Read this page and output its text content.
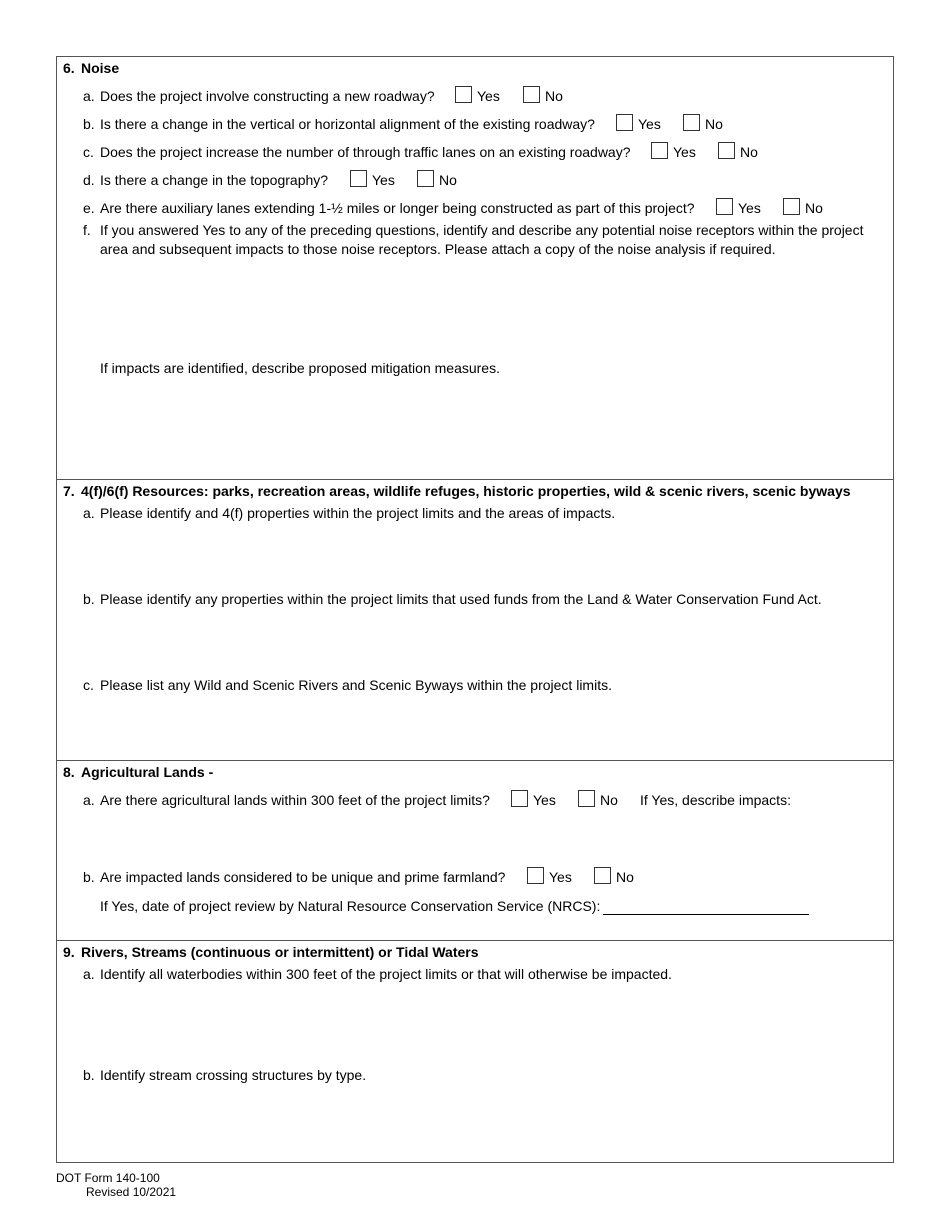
6. Noise
a. Does the project involve constructing a new roadway?	Yes	No
b. Is there a change in the vertical or horizontal alignment of the existing roadway?	Yes	No
c. Does the project increase the number of through traffic lanes on an existing roadway?	Yes	No
d. Is there a change in the topography?	Yes	No
e. Are there auxiliary lanes extending 1-½ miles or longer being constructed as part of this project?	Yes	No
f. If you answered Yes to any of the preceding questions, identify and describe any potential noise receptors within the project
area and subsequent impacts to those noise receptors. Please attach a copy of the noise analysis if required.
If impacts are identified, describe proposed mitigation measures.
7. 4(f)/6(f) Resources: parks, recreation areas, wildlife refuges, historic properties, wild & scenic rivers, scenic byways
a. Please identify and 4(f) properties within the project limits and the areas of impacts.
b. Please identify any properties within the project limits that used funds from the Land & Water Conservation Fund Act.
c. Please list any Wild and Scenic Rivers and Scenic Byways within the project limits.
8. Agricultural Lands -
a. Are there agricultural lands within 300 feet of the project limits?	Yes	No If Yes, describe impacts:
b. Are impacted lands considered to be unique and prime farmland?	Yes	No
If Yes, date of project review by Natural Resource Conservation Service (NRCS):
9. Rivers, Streams (continuous or intermittent) or Tidal Waters
a. Identify all waterbodies within 300 feet of the project limits or that will otherwise be impacted.
b. Identify stream crossing structures by type.
DOT Form 140-100
Revised 10/2021
